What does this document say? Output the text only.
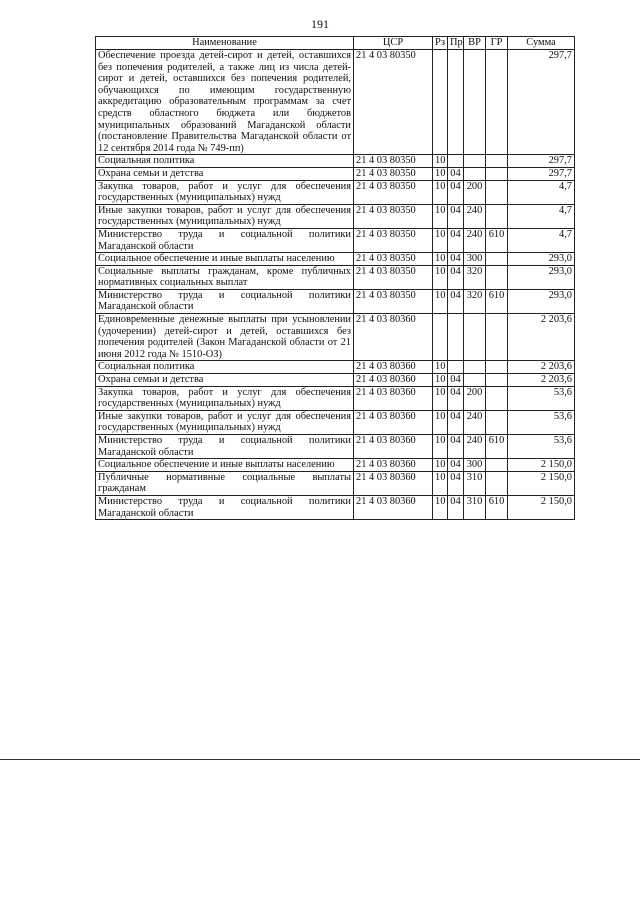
191
Наименование	ЦСР	Рз	Пр	ВР	ГР	Сумма
Обеспечение проезда детей-сирот и детей, оставшихся без попечения родителей, а также лиц из числа детей-сирот и детей, оставшихся без попечения родителей, обучающихся по имеющим государственную аккредитацию образовательным программам за счет средств областного бюджета или бюджетов муниципальных образований Магаданской области (постановление Правительства Магаданской области от 12 сентября 2014 года № 749-пп)	21 4 03 80350					297,7
Социальная политика	21 4 03 80350	10				297,7
Охрана семьи и детства	21 4 03 80350	10	04			297,7
Закупка товаров, работ и услуг для обеспечения государственных (муниципальных) нужд	21 4 03 80350	10	04	200		4,7
Иные закупки товаров, работ и услуг для обеспечения государственных (муниципальных) нужд	21 4 03 80350	10	04	240		4,7
Министерство труда и социальной политики Магаданской области	21 4 03 80350	10	04	240	610	4,7
Социальное обеспечение и иные выплаты населению	21 4 03 80350	10	04	300		293,0
Социальные выплаты гражданам, кроме публичных нормативных социальных выплат	21 4 03 80350	10	04	320		293,0
Министерство труда и социальной политики Магаданской области	21 4 03 80350	10	04	320	610	293,0
Единовременные денежные выплаты при усыновлении (удочерении) детей-сирот и детей, оставшихся без попечения родителей (Закон Магаданской области от 21 июня 2012 года № 1510-ОЗ)	21 4 03 80360					2 203,6
Социальная политика	21 4 03 80360	10				2 203,6
Охрана семьи и детства	21 4 03 80360	10	04			2 203,6
Закупка товаров, работ и услуг для обеспечения государственных (муниципальных) нужд	21 4 03 80360	10	04	200		53,6
Иные закупки товаров, работ и услуг для обеспечения государственных (муниципальных) нужд	21 4 03 80360	10	04	240		53,6
Министерство труда и социальной политики Магаданской области	21 4 03 80360	10	04	240	610	53,6
Социальное обеспечение и иные выплаты населению	21 4 03 80360	10	04	300		2 150,0
Публичные нормативные социальные выплаты гражданам	21 4 03 80360	10	04	310		2 150,0
Министерство труда и социальной политики Магаданской области	21 4 03 80360	10	04	310	610	2 150,0
